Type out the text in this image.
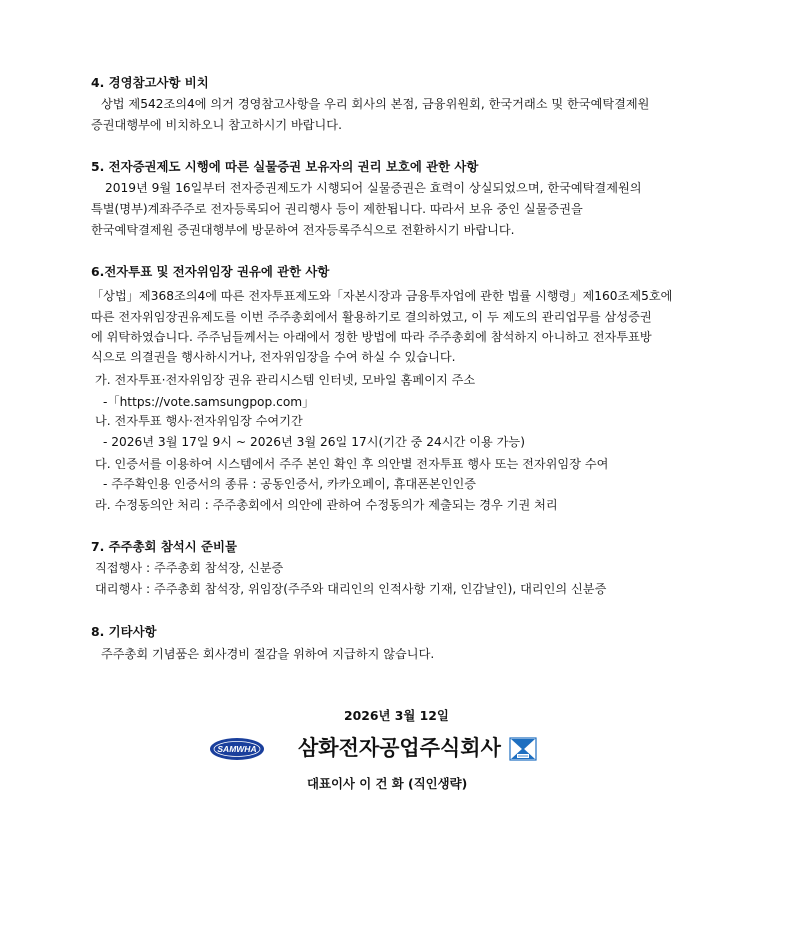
4. 경영참고사항 비치
상법 제542조의4에 의거 경영참고사항을 우리 회사의 본점, 금융위원회, 한국거래소 및 한국예탁결제원
증권대행부에 비치하오니 참고하시기 바랍니다.
5. 전자증권제도 시행에 따른 실물증권 보유자의 권리 보호에 관한 사항
2019년 9월 16일부터 전자증권제도가 시행되어 실물증권은 효력이 상실되었으며, 한국예탁결제원의
특별(명부)계좌주주로 전자등록되어 권리행사 등이 제한됩니다. 따라서 보유 중인 실물증권을
한국예탁결제원 증권대행부에 방문하여 전자등록주식으로 전환하시기 바랍니다.
6.전자투표 및 전자위임장 권유에 관한 사항
「상법」제368조의4에 따른 전자투표제도와「자본시장과 금융투자업에 관한 법률 시행령」제160조제5호에
따른 전자위임장권유제도를 이번 주주총회에서 활용하기로 결의하였고, 이 두 제도의 관리업무를 삼성증권
에 위탁하였습니다. 주주님들께서는 아래에서 정한 방법에 따라 주주총회에 참석하지 아니하고 전자투표방
식으로 의결권을 행사하시거나, 전자위임장을 수여 하실 수 있습니다.
가. 전자투표·전자위임장 권유 관리시스템 인터넷, 모바일 홈페이지 주소
-「https://vote.samsungpop.com」
나. 전자투표 행사·전자위임장 수여기간
- 2026년 3월 17일 9시 ~ 2026년 3월 26일 17시(기간 중 24시간 이용 가능)
다. 인증서를 이용하여 시스템에서 주주 본인 확인 후 의안별 전자투표 행사 또는 전자위임장 수여
- 주주확인용 인증서의 종류 : 공동인증서, 카카오페이, 휴대폰본인인증
라. 수정동의안 처리 : 주주총회에서 의안에 관하여 수정동의가 제출되는 경우 기권 처리
7. 주주총회 참석시 준비물
직접행사 : 주주총회 참석장, 신분증
대리행사 : 주주총회 참석장, 위임장(주주와 대리인의 인적사항 기재, 인감날인), 대리인의 신분증
8. 기타사항
주주총회 기념품은 회사경비 절감을 위하여 지급하지 않습니다.
2026년 3월 12일
SAMWHA 삼화전자공업주식회사
대표이사 이 건 화 (직인생략)
